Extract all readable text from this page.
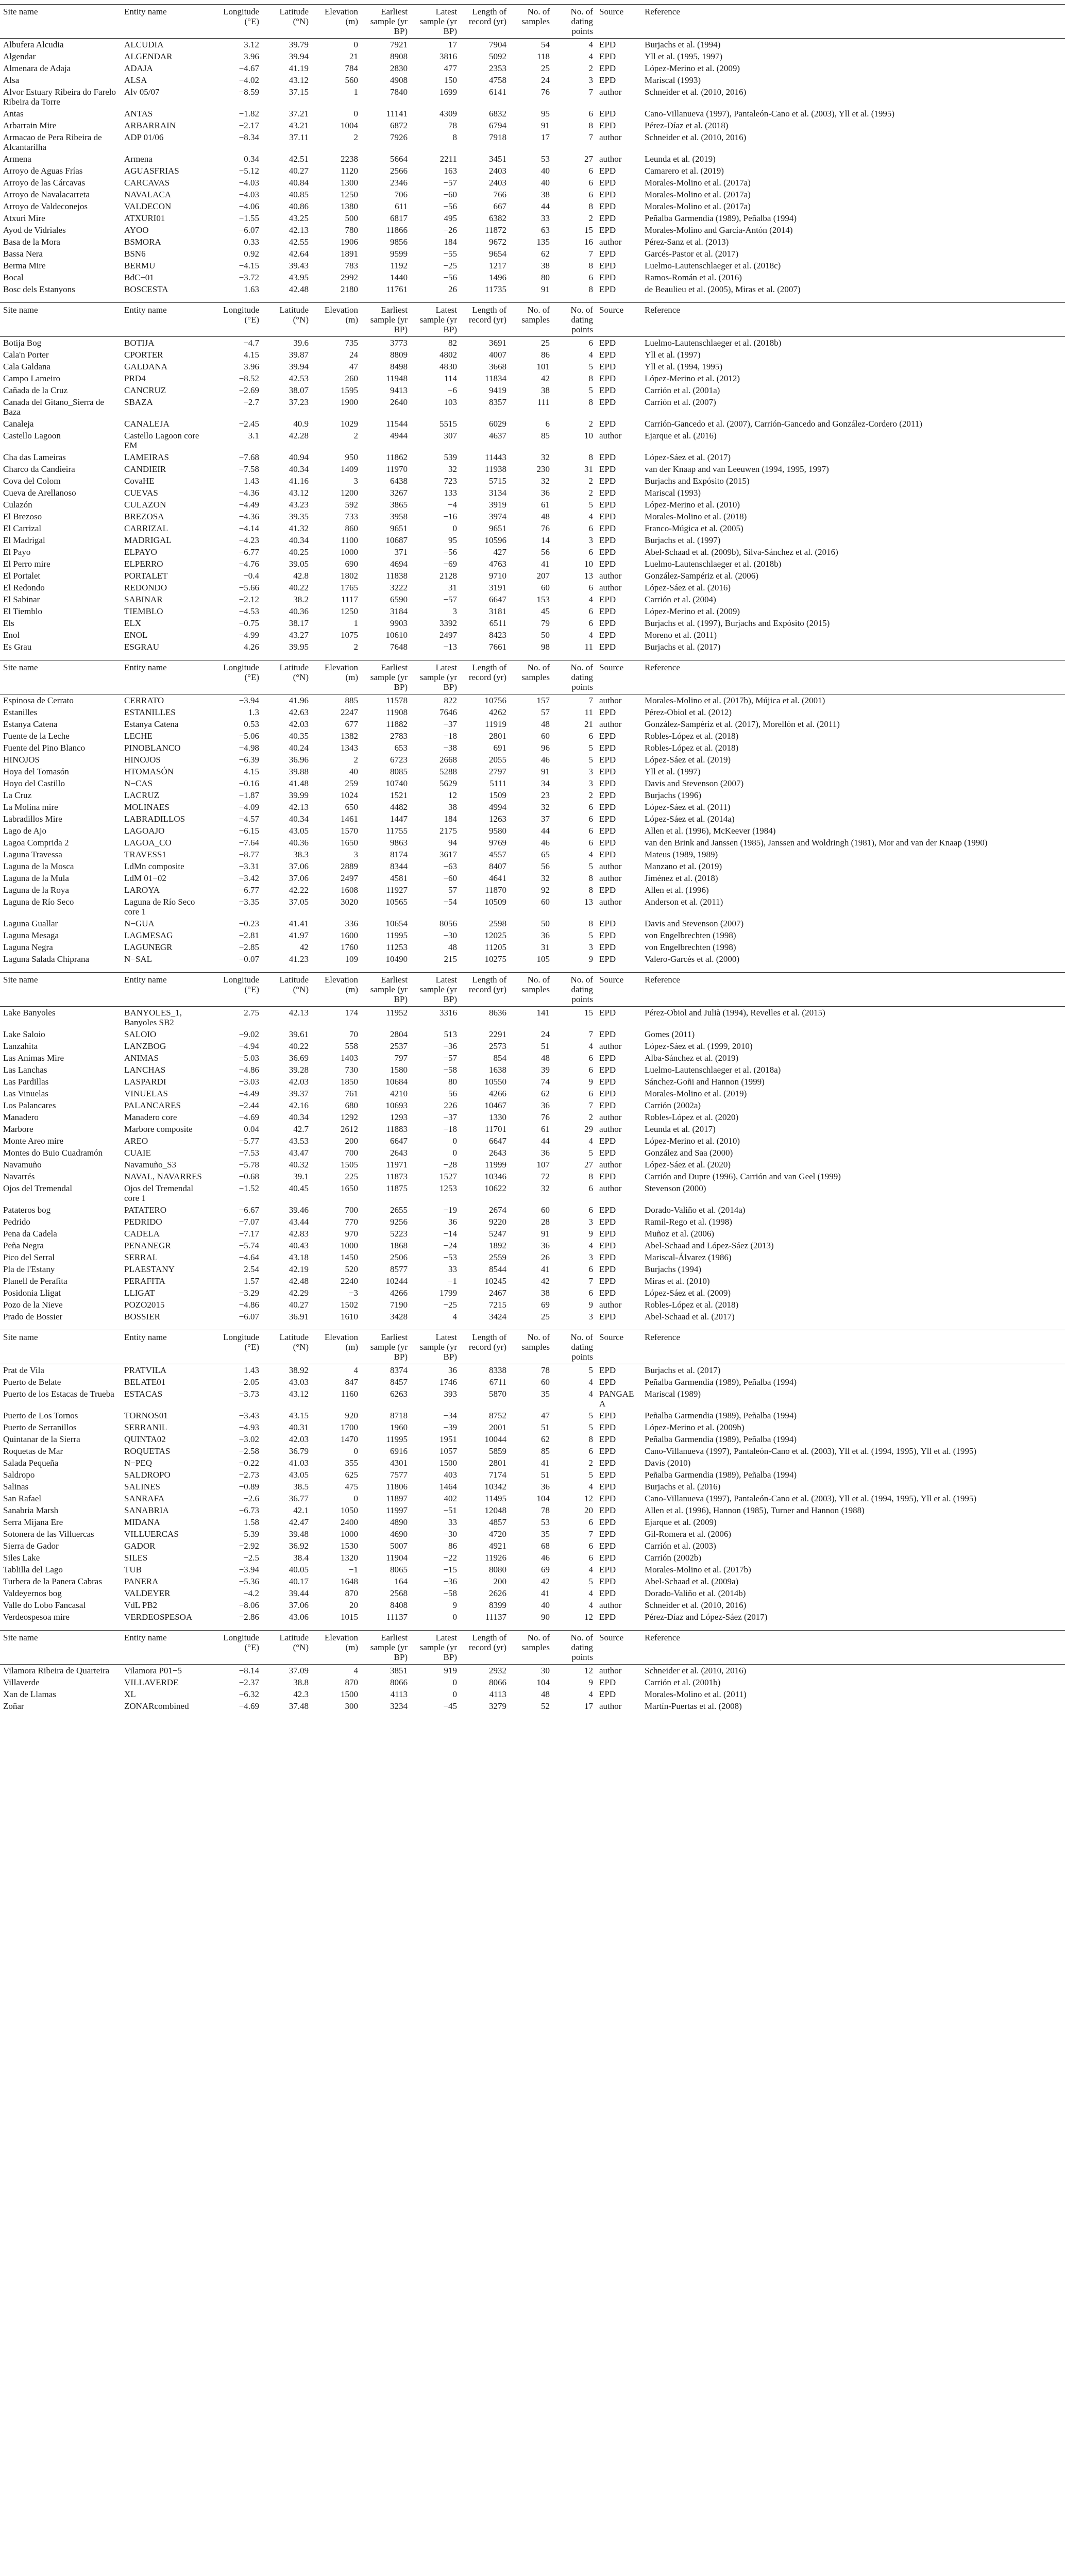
Site name	Entity name	Longitude (°E)	Latitude (°N)	Elevation (m)	Earliest sample (yr BP)	Latest sample (yr BP)	Length of record (yr)	No. of samples	No. of dating points	Source	Reference
Albufera Alcudia	ALCUDIA	3.12	39.79	0	7921	17	7904	54	4	EPD	Burjachs et al. (1994)
Algendar	ALGENDAR	3.96	39.94	21	8908	3816	5092	118	4	EPD	Yll et al. (1995, 1997)
Almenara de Adaja	ADAJA	−4.67	41.19	784	2830	477	2353	25	2	EPD	López-Merino et al. (2009)
Alsa	ALSA	−4.02	43.12	560	4908	150	4758	24	3	EPD	Mariscal (1993)
Alvor Estuary Ribeira do Farelo Ribeira da Torre	Alv 05/07	−8.59	37.15	1	7840	1699	6141	76	7	author	Schneider et al. (2010, 2016)
Antas	ANTAS	−1.82	37.21	0	11141	4309	6832	95	6	EPD	Cano-Villanueva (1997), Pantaleón-Cano et al. (2003), Yll et al. (1995)
Arbarrain Mire	ARBARRAIN	−2.17	43.21	1004	6872	78	6794	91	8	EPD	Pérez-Díaz et al. (2018)
Armacao de Pera Ribeira de Alcantarilha	ADP 01/06	−8.34	37.11	2	7926	8	7918	17	7	author	Schneider et al. (2010, 2016)
Armena	Armena	0.34	42.51	2238	5664	2211	3451	53	27	author	Leunda et al. (2019)
Arroyo de Aguas Frías	AGUASFRIAS	−5.12	40.27	1120	2566	163	2403	40	6	EPD	Camarero et al. (2019)
Arroyo de las Cárcavas	CARCAVAS	−4.03	40.84	1300	2346	−57	2403	40	6	EPD	Morales-Molino et al. (2017a)
Arroyo de Navalacarreta	NAVALACA	−4.03	40.85	1250	706	−60	766	38	6	EPD	Morales-Molino et al. (2017a)
Arroyo de Valdeconejos	VALDECON	−4.06	40.86	1380	611	−56	667	44	8	EPD	Morales-Molino et al. (2017a)
Atxuri Mire	ATXURI01	−1.55	43.25	500	6817	495	6382	33	2	EPD	Peñalba Garmendia (1989), Peñalba (1994)
Ayod de Vidriales	AYOO	−6.07	42.13	780	11866	−26	11872	63	15	EPD	Morales-Molino and García-Antón (2014)
Basa de la Mora	BSMORA	0.33	42.55	1906	9856	184	9672	135	16	author	Pérez-Sanz et al. (2013)
Bassa Nera	BSN6	0.92	42.64	1891	9599	−55	9654	62	7	EPD	Garcés-Pastor et al. (2017)
Berma Mire	BERMU	−4.15	39.43	783	1192	−25	1217	38	8	EPD	Luelmo-Lautenschlaeger et al. (2018c)
Bocal	BdC−01	−3.72	43.95	2992	1440	−56	1496	80	6	EPD	Ramos-Román et al. (2016)
Bosc dels Estanyons	BOSCESTA	1.63	42.48	2180	11761	26	11735	91	8	EPD	de Beaulieu et al. (2005), Miras et al. (2007)
Site name	Entity name	Longitude (°E)	Latitude (°N)	Elevation (m)	Earliest sample (yr BP)	Latest sample (yr BP)	Length of record (yr)	No. of samples	No. of dating points	Source	Reference
Botija Bog	BOTIJA	−4.7	39.6	735	3773	82	3691	25	6	EPD	Luelmo-Lautenschlaeger et al. (2018b)
Cala'n Porter	CPORTER	4.15	39.87	24	8809	4802	4007	86	4	EPD	Yll et al. (1997)
Cala Galdana	GALDANA	3.96	39.94	47	8498	4830	3668	101	5	EPD	Yll et al. (1994, 1995)
Campo Lameiro	PRD4	−8.52	42.53	260	11948	114	11834	42	8	EPD	López-Merino et al. (2012)
Cañada de la Cruz	CANCRUZ	−2.69	38.07	1595	9413	−6	9419	38	5	EPD	Carrión et al. (2001a)
Canada del Gitano_Sierra de Baza	SBAZA	−2.7	37.23	1900	2640	103	8357	111	8	EPD	Carrión et al. (2007)
Canaleja	CANALEJA	−2.45	40.9	1029	11544	5515	6029	6	2	EPD	Carrión-Gancedo et al. (2007), Carrión-Gancedo and González-Cordero (2011)
Castello Lagoon	Castello Lagoon core EM	3.1	42.28	2	4944	307	4637	85	10	author	Ejarque et al. (2016)
Cha das Lameiras	LAMEIRAS	−7.68	40.94	950	11862	539	11443	32	8	EPD	López-Sáez et al. (2017)
Charco da Candieira	CANDIEIR	−7.58	40.34	1409	11970	32	11938	230	31	EPD	van der Knaap and van Leeuwen (1994, 1995, 1997)
Cova del Colom	CovaHE	1.43	41.16	3	6438	723	5715	32	2	EPD	Burjachs and Expósito (2015)
Cueva de Arellanoso	CUEVAS	−4.36	43.12	1200	3267	133	3134	36	2	EPD	Mariscal (1993)
Culazón	CULAZON	−4.49	43.23	592	3865	−4	3919	61	5	EPD	López-Merino et al. (2010)
El Brezoso	BREZOSA	−4.36	39.35	733	3958	−16	3974	48	4	EPD	Morales-Molino et al. (2018)
El Carrizal	CARRIZAL	−4.14	41.32	860	9651	0	9651	76	6	EPD	Franco-Múgica et al. (2005)
El Madrigal	MADRIGAL	−4.23	40.34	1100	10687	95	10596	14	3	EPD	Burjachs et al. (1997)
El Payo	ELPAYO	−6.77	40.25	1000	371	−56	427	56	6	EPD	Abel-Schaad et al. (2009b), Silva-Sánchez et al. (2016)
El Perro mire	ELPERRO	−4.76	39.05	690	4694	−69	4763	41	10	EPD	Luelmo-Lautenschlaeger et al. (2018b)
El Portalet	PORTALET	−0.4	42.8	1802	11838	2128	9710	207	13	author	González-Sampériz et al. (2006)
El Redondo	REDONDO	−5.66	40.22	1765	3222	31	3191	60	6	author	López-Sáez et al. (2016)
El Sabinar	SABINAR	−2.12	38.2	1117	6590	−57	6647	153	4	EPD	Carrión et al. (2004)
El Tiemblo	TIEMBLO	−4.53	40.36	1250	3184	3	3181	45	6	EPD	López-Merino et al. (2009)
Els	ELX	−0.75	38.17	1	9903	3392	6511	79	6	EPD	Burjachs et al. (1997), Burjachs and Expósito (2015)
Enol	ENOL	−4.99	43.27	1075	10610	2497	8423	50	4	EPD	Moreno et al. (2011)
Es Grau	ESGRAU	4.26	39.95	2	7648	−13	7661	98	11	EPD	Burjachs et al. (2017)
Site name	Entity name	Longitude (°E)	Latitude (°N)	Elevation (m)	Earliest sample (yr BP)	Latest sample (yr BP)	Length of record (yr)	No. of samples	No. of dating points	Source	Reference
Espinosa de Cerrato	CERRATO	−3.94	41.96	885	11578	822	10756	157	7	author	Morales-Molino et al. (2017b), Mújica et al. (2001)
Estanilles	ESTANILLES	1.3	42.63	2247	11908	7646	4262	57	11	EPD	Pérez-Obiol et al. (2012)
Estanya Catena	Estanya Catena	0.53	42.03	677	11882	−37	11919	48	21	author	González-Sampériz et al. (2017), Morellón et al. (2011)
Fuente de la Leche	LECHE	−5.06	40.35	1382	2783	−18	2801	60	6	EPD	Robles-López et al. (2018)
Fuente del Pino Blanco	PINOBLANCO	−4.98	40.24	1343	653	−38	691	96	5	EPD	Robles-López et al. (2018)
HINOJOS	HINOJOS	−6.39	36.96	2	6723	2668	2055	46	5	EPD	López-Sáez et al. (2019)
Hoya del Tomasón	HTOMASÓN	4.15	39.88	40	8085	5288	2797	91	3	EPD	Yll et al. (1997)
Hoyo del Castillo	N−CAS	−0.16	41.48	259	10740	5629	5111	34	3	EPD	Davis and Stevenson (2007)
La Cruz	LACRUZ	−1.87	39.99	1024	1521	12	1509	23	2	EPD	Burjachs (1996)
La Molina mire	MOLINAES	−4.09	42.13	650	4482	38	4994	32	6	EPD	López-Sáez et al. (2011)
Labradillos Mire	LABRADILLOS	−4.57	40.34	1461	1447	184	1263	37	6	EPD	López-Sáez et al. (2014a)
Lago de Ajo	LAGOAJO	−6.15	43.05	1570	11755	2175	9580	44	6	EPD	Allen et al. (1996), McKeever (1984)
Lagoa Comprida 2	LAGOA_CO	−7.64	40.36	1650	9863	94	9769	46	6	EPD	van den Brink and Janssen (1985), Janssen and Woldringh (1981), Mor and van der Knaap (1990)
Laguna Travessa	TRAVESS1	−8.77	38.3	3	8174	3617	4557	65	4	EPD	Mateus (1989, 1989)
Laguna de la Mosca	LdMn composite	−3.31	37.06	2889	8344	−63	8407	56	5	author	Manzano et al. (2019)
Laguna de la Mula	LdM 01−02	−3.42	37.06	2497	4581	−60	4641	32	8	author	Jiménez et al. (2018)
Laguna de la Roya	LAROYA	−6.77	42.22	1608	11927	57	11870	92	8	EPD	Allen et al. (1996)
Laguna de Río Seco	Laguna de Río Seco core 1	−3.35	37.05	3020	10565	−54	10509	60	13	author	Anderson et al. (2011)
Laguna Guallar	N−GUA	−0.23	41.41	336	10654	8056	2598	50	8	EPD	Davis and Stevenson (2007)
Laguna Mesaga	LAGMESAG	−2.81	41.97	1600	11995	−30	12025	36	5	EPD	von Engelbrechten (1998)
Laguna Negra	LAGUNEGR	−2.85	42	1760	11253	48	11205	31	3	EPD	von Engelbrechten (1998)
Laguna Salada Chiprana	N−SAL	−0.07	41.23	109	10490	215	10275	105	9	EPD	Valero-Garcés et al. (2000)
Site name	Entity name	Longitude (°E)	Latitude (°N)	Elevation (m)	Earliest sample (yr BP)	Latest sample (yr BP)	Length of record (yr)	No. of samples	No. of dating points	Source	Reference
Lake Banyoles	BANYOLES_1, Banyoles SB2	2.75	42.13	174	11952	3316	8636	141	15	EPD	Pérez-Obiol and Julià (1994), Revelles et al. (2015)
Lake Saloio	SALOIO	−9.02	39.61	70	2804	513	2291	24	7	EPD	Gomes (2011)
Lanzahita	LANZBOG	−4.94	40.22	558	2537	−36	2573	51	4	author	López-Sáez et al. (1999, 2010)
Las Animas Mire	ANIMAS	−5.03	36.69	1403	797	−57	854	48	6	EPD	Alba-Sánchez et al. (2019)
Las Lanchas	LANCHAS	−4.86	39.28	730	1580	−58	1638	39	6	EPD	Luelmo-Lautenschlaeger et al. (2018a)
Las Pardillas	LASPARDI	−3.03	42.03	1850	10684	80	10550	74	9	EPD	Sánchez-Goñi and Hannon (1999)
Las Vinuelas	VINUELAS	−4.49	39.37	761	4210	56	4266	62	6	EPD	Morales-Molino et al. (2019)
Los Palancares	PALANCARES	−2.44	42.16	680	10693	226	10467	36	7	EPD	Carrión (2002a)
Manadero	Manadero core	−4.69	40.34	1292	1293	−37	1330	76	2	author	Robles-López et al. (2020)
Marbore	Marbore composite	0.04	42.7	2612	11883	−18	11701	61	29	author	Leunda et al. (2017)
Monte Areo mire	AREO	−5.77	43.53	200	6647	0	6647	44	4	EPD	López-Merino et al. (2010)
Montes do Buio Cuadramón	CUAIE	−7.53	43.47	700	2643	0	2643	36	5	EPD	González and Saa (2000)
Navamuño	Navamuño_S3	−5.78	40.32	1505	11971	−28	11999	107	27	author	López-Sáez et al. (2020)
Navarrés	NAVAL, NAVARRES	−0.68	39.1	225	11873	1527	10346	72	8	EPD	Carrión and Dupre (1996), Carrión and van Geel (1999)
Ojos del Tremendal	Ojos del Tremendal core 1	−1.52	40.45	1650	11875	1253	10622	32	6	author	Stevenson (2000)
Patateros bog	PATATERO	−6.67	39.46	700	2655	−19	2674	60	6	EPD	Dorado-Valiño et al. (2014a)
Pedrido	PEDRIDO	−7.07	43.44	770	9256	36	9220	28	3	EPD	Ramil-Rego et al. (1998)
Pena da Cadela	CADELA	−7.17	42.83	970	5223	−14	5247	91	9	EPD	Muñoz et al. (2006)
Peña Negra	PENANEGR	−5.74	40.43	1000	1868	−24	1892	36	4	EPD	Abel-Schaad and López-Sáez (2013)
Pico del Serral	SERRAL	−4.64	43.18	1450	2506	−53	2559	26	3	EPD	Mariscal-Álvarez (1986)
Pla de l'Estany	PLAESTANY	2.54	42.19	520	8577	33	8544	41	6	EPD	Burjachs (1994)
Planell de Perafita	PERAFITA	1.57	42.48	2240	10244	−1	10245	42	7	EPD	Miras et al. (2010)
Posidonia Lligat	LLIGAT	−3.29	42.29	−3	4266	1799	2467	38	6	EPD	López-Sáez et al. (2009)
Pozo de la Nieve	POZO2015	−4.86	40.27	1502	7190	−25	7215	69	9	author	Robles-López et al. (2018)
Prado de Bossier	BOSSIER	−6.07	36.91	1610	3428	4	3424	25	3	EPD	Abel-Schaad et al. (2017)
Site name	Entity name	Longitude (°E)	Latitude (°N)	Elevation (m)	Earliest sample (yr BP)	Latest sample (yr BP)	Length of record (yr)	No. of samples	No. of dating points	Source	Reference
Prat de Vila	PRATVILA	1.43	38.92	4	8374	36	8338	78	5	EPD	Burjachs et al. (2017)
Puerto de Belate	BELATE01	−2.05	43.03	847	8457	1746	6711	60	4	EPD	Peñalba Garmendia (1989), Peñalba (1994)
Puerto de los Estacas de Trueba	ESTACAS	−3.73	43.12	1160	6263	393	5870	35	4	PANGAEA	Mariscal (1989)
Puerto de Los Tornos	TORNOS01	−3.43	43.15	920	8718	−34	8752	47	5	EPD	Peñalba Garmendia (1989), Peñalba (1994)
Puerto de Serranillos	SERRANIL	−4.93	40.31	1700	1960	−39	2001	51	5	EPD	López-Merino et al. (2009b)
Quintanar de la Sierra	QUINTA02	−3.02	42.03	1470	11995	1951	10044	62	8	EPD	Peñalba Garmendia (1989), Peñalba (1994)
Roquetas de Mar	ROQUETAS	−2.58	36.79	0	6916	1057	5859	85	6	EPD	Cano-Villanueva (1997), Pantaleón-Cano et al. (2003), Yll et al. (1994, 1995), Yll et al. (1995)
Salada Pequeña	N−PEQ	−0.22	41.03	355	4301	1500	2801	41	2	EPD	Davis (2010)
Saldropo	SALDROPO	−2.73	43.05	625	7577	403	7174	51	5	EPD	Peñalba Garmendia (1989), Peñalba (1994)
Salinas	SALINES	−0.89	38.5	475	11806	1464	10342	36	4	EPD	Burjachs et al. (2016)
San Rafael	SANRAFA	−2.6	36.77	0	11897	402	11495	104	12	EPD	Cano-Villanueva (1997), Pantaleón-Cano et al. (2003), Yll et al. (1994, 1995), Yll et al. (1995)
Sanabria Marsh	SANABRIA	−6.73	42.1	1050	11997	−51	12048	78	20	EPD	Allen et al. (1996), Hannon (1985), Turner and Hannon (1988)
Serra Mijana Ere	MIDANA	1.58	42.47	2400	4890	33	4857	53	6	EPD	Ejarque et al. (2009)
Sotonera de las Villuercas	VILLUERCAS	−5.39	39.48	1000	4690	−30	4720	35	7	EPD	Gil-Romera et al. (2006)
Sierra de Gador	GADOR	−2.92	36.92	1530	5007	86	4921	68	6	EPD	Carrión et al. (2003)
Siles Lake	SILES	−2.5	38.4	1320	11904	−22	11926	46	6	EPD	Carrión (2002b)
Tablilla del Lago	TUB	−3.94	40.05	−1	8065	−15	8080	69	4	EPD	Morales-Molino et al. (2017b)
Turbera de la Panera Cabras	PANERA	−5.36	40.17	1648	164	−36	200	42	5	EPD	Abel-Schaad et al. (2009a)
Valdeyernos bog	VALDEYER	−4.2	39.44	870	2568	−58	2626	41	4	EPD	Dorado-Valiño et al. (2014b)
Valle do Lobo Fancasal	VdL PB2	−8.06	37.06	20	8408	9	8399	40	4	author	Schneider et al. (2010, 2016)
Verdeospesoa mire	VERDEOSPESOA	−2.86	43.06	1015	11137	0	11137	90	12	EPD	Pérez-Díaz and López-Sáez (2017)
Site name	Entity name	Longitude (°E)	Latitude (°N)	Elevation (m)	Earliest sample (yr BP)	Latest sample (yr BP)	Length of record (yr)	No. of samples	No. of dating points	Source	Reference
Vilamora Ribeira de Quarteira	Vilamora P01−5	−8.14	37.09	4	3851	919	2932	30	12	author	Schneider et al. (2010, 2016)
Villaverde	VILLAVERDE	−2.37	38.8	870	8066	0	8066	104	9	EPD	Carrión et al. (2001b)
Xan de Llamas	XL	−6.32	42.3	1500	4113	0	4113	48	4	EPD	Morales-Molino et al. (2011)
Zoñar	ZONARcombined	−4.69	37.48	300	3234	−45	3279	52	17	author	Martín-Puertas et al. (2008)
